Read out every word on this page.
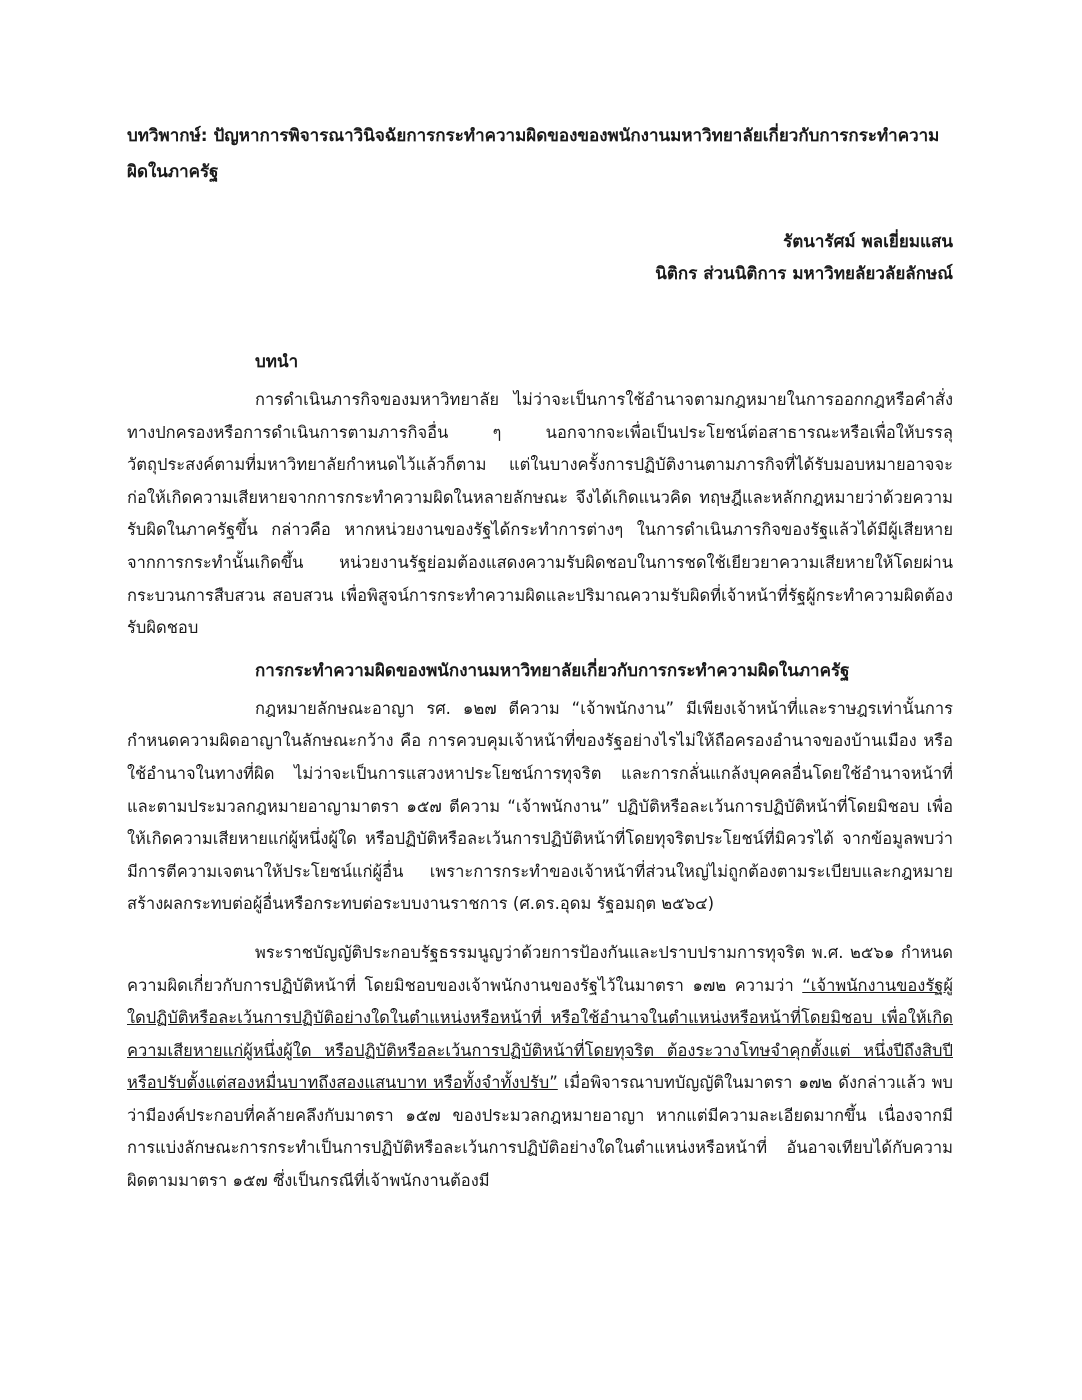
บทวิพากษ์: ปัญหาการพิจารณาวินิจฉัยการกระทำความผิดของของพนักงานมหาวิทยาลัยเกี่ยวกับการกระทำความผิดในภาครัฐ

รัตนารัศม์ พลเยี่ยมแสน
นิติกร ส่วนนิติการ มหาวิทยลัยวลัยลักษณ์
บทนำ

การดำเนินภารกิจของมหาวิทยาลัย ไม่ว่าจะเป็นการใช้อำนาจตามกฎหมายในการออกกฎหรือคำสั่งทางปกครองหรือการดำเนินการตามภารกิจอื่น ๆ นอกจากจะเพื่อเป็นประโยชน์ต่อสาธารณะหรือเพื่อให้บรรลุวัตถุประสงค์ตามที่มหาวิทยาลัยกำหนดไว้แล้วก็ตาม แต่ในบางครั้งการปฏิบัติงานตามภารกิจที่ได้รับมอบหมายอาจจะก่อให้เกิดความเสียหายจากการกระทำความผิดในหลายลักษณะ จึงได้เกิดแนวคิด ทฤษฎีและหลักกฎหมายว่าด้วยความรับผิดในภาครัฐขึ้น กล่าวคือ หากหน่วยงานของรัฐได้กระทำการต่างๆ ในการดำเนินภารกิจของรัฐแล้วได้มีผู้เสียหายจากการกระทำนั้นเกิดขึ้น หน่วยงานรัฐย่อมต้องแสดงความรับผิดชอบในการชดใช้เยียวยาความเสียหายให้โดยผ่านกระบวนการสืบสวน สอบสวน เพื่อพิสูจน์การกระทำความผิดและปริมาณความรับผิดที่เจ้าหน้าที่รัฐผู้กระทำความผิดต้องรับผิดชอบ

การกระทำความผิดของพนักงานมหาวิทยาลัยเกี่ยวกับการกระทำความผิดในภาครัฐ

กฎหมายลักษณะอาญา รศ. ๑๒๗ ตีความ “เจ้าพนักงาน” มีเพียงเจ้าหน้าที่และราษฎรเท่านั้นการ กำหนดความผิดอาญาในลักษณะกว้าง คือ การควบคุมเจ้าหน้าที่ของรัฐอย่างไรไม่ให้ถือครองอำนาจของบ้านเมือง หรือใช้อำนาจในทางที่ผิด ไม่ว่าจะเป็นการแสวงหาประโยชน์การทุจริต และการกลั่นแกล้งบุคคลอื่นโดยใช้อำนาจหน้าที่ และตามประมวลกฎหมายอาญามาตรา ๑๕๗ ตีความ “เจ้าพนักงาน” ปฏิบัติหรือละเว้นการปฏิบัติหน้าที่โดยมิชอบ เพื่อให้เกิดความเสียหายแก่ผู้หนึ่งผู้ใด หรือปฏิบัติหรือละเว้นการปฏิบัติหน้าที่โดยทุจริตประโยชน์ที่มิควรได้ จากข้อมูลพบว่า มีการตีความเจตนาให้ประโยชน์แก่ผู้อื่น เพราะการกระทำของเจ้าหน้าที่ส่วนใหญ่ไม่ถูกต้องตามระเบียบและกฎหมาย สร้างผลกระทบต่อผู้อื่นหรือกระทบต่อระบบงานราชการ (ศ.ดร.อุดม รัฐอมฤต ๒๕๖๔)

พระราชบัญญัติประกอบรัฐธรรมนูญว่าด้วยการป้องกันและปราบปรามการทุจริต พ.ศ. ๒๕๖๑ กำหนดความผิดเกี่ยวกับการปฏิบัติหน้าที่ โดยมิชอบของเจ้าพนักงานของรัฐไว้ในมาตรา ๑๗๒ ความว่า “เจ้าพนักงานของรัฐผู้ใดปฏิบัติหรือละเว้นการปฏิบัติอย่างใดในตำแหน่งหรือหน้าที่ หรือใช้อำนาจในตำแหน่งหรือหน้าที่โดยมิชอบ เพื่อให้เกิดความเสียหายแก่ผู้หนึ่งผู้ใด หรือปฏิบัติหรือละเว้นการปฏิบัติหน้าที่โดยทุจริต ต้องระวางโทษจำคุกตั้งแต่ หนึ่งปีถึงสิบปีหรือปรับตั้งแต่สองหมื่นบาทถึงสองแสนบาท หรือทั้งจำทั้งปรับ” เมื่อพิจารณาบทบัญญัติในมาตรา ๑๗๒ ดังกล่าวแล้ว พบว่ามีองค์ประกอบที่คล้ายคลึงกับมาตรา ๑๕๗ ของประมวลกฎหมายอาญา หากแต่มีความละเอียดมากขึ้น เนื่องจากมีการแบ่งลักษณะการกระทำเป็นการปฏิบัติหรือละเว้นการปฏิบัติอย่างใดในตำแหน่งหรือหน้าที่ อันอาจเทียบได้กับความผิดตามมาตรา ๑๕๗ ซึ่งเป็นกรณีที่เจ้าพนักงานต้องมี
